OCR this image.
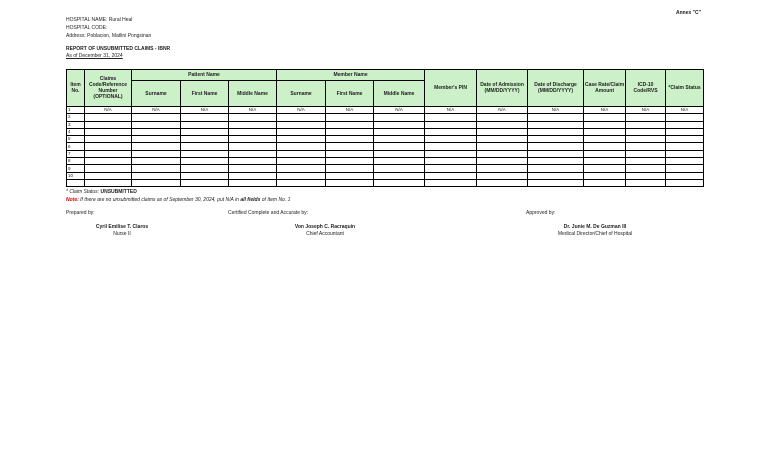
Annex "C"
HOSPITAL NAME: Rural Heal
HOSPITAL CODE:
Address: Poblacion, Matlini Pongsinan
REPORT OF UNSUBMITTED CLAIMS - IBNR
As of December 31, 2024
Item No.	Claims Code/Reference Number (OPTIONAL)	Patient Name			Member Name			Member's PIN	Date of Admission (MM/DD/YYYY)	Date of Discharge (MM/DD/YYYY)	Case Rate/Claim Amount	ICD-10 Code/RVS	*Claim Status
		Surname	First Name	Middle Name	Surname	First Name	Middle Name						
1	N/A	N/A	N/A	N/A	N/A	N/A	N/A	N/A	N/A	N/A	N/A	N/A	N/A
2													
3													
4													
5													
6													
7													
8													
9													
10													

* Claim Status: UNSUBMITTED
Note: If there are no unsubmitted claims as of September 30, 2024, put N/A in all fields of Item No. 1
Prepared by:	Certified Complete and Accurate by:	Approved by:
Cyril Emilise T. Claros
Nurse II
Von Joseph C. Racraquin
Chief Accountant
Dr. Junie M. De Guzman III
Medical Director/Chief of Hospital
